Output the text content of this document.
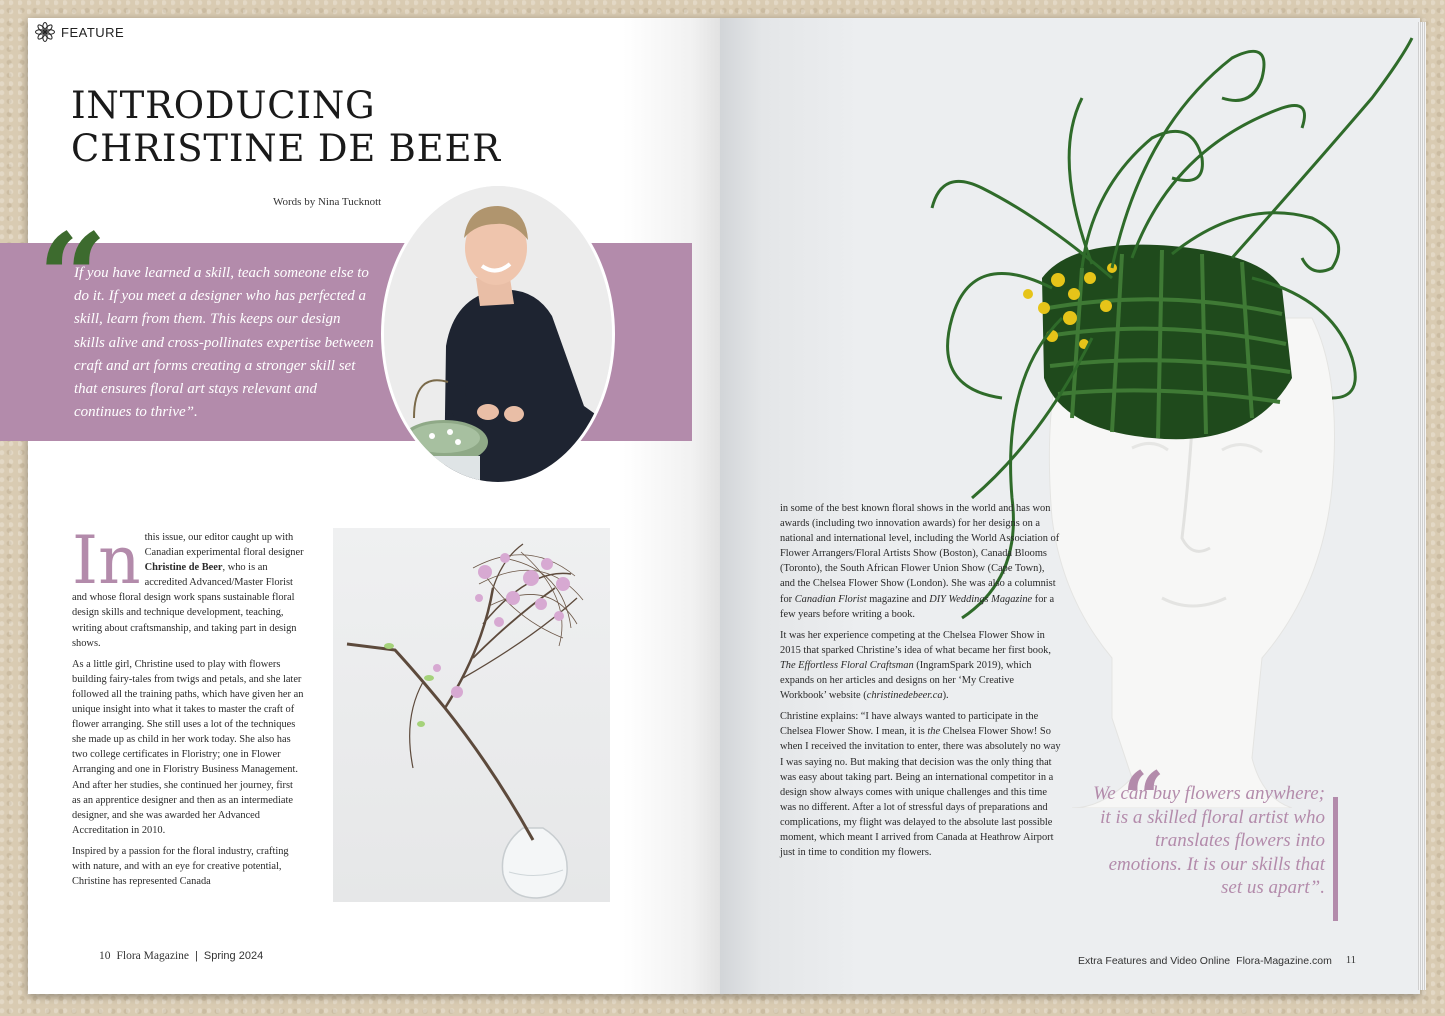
FEATURE
INTRODUCING
CHRISTINE DE BEER
Words by Nina Tucknott
“
If you have learned a skill, teach someone else to do it. If you meet a designer who has perfected a skill, learn from them. This keeps our design skills alive and cross-pollinates expertise between craft and art forms creating a stronger skill set that ensures floral art stays relevant and continues to thrive”.

In this issue, our editor caught up with Canadian experimental floral designer Christine de Beer, who is an accredited Advanced/Master Florist and whose floral design work spans sustainable floral design skills and technique development, teaching, writing about craftsmanship, and taking part in design shows.

As a little girl, Christine used to play with flowers building fairy-tales from twigs and petals, and she later followed all the training paths, which have given her an unique insight into what it takes to master the craft of flower arranging. She still uses a lot of the techniques she made up as child in her work today. She also has two college certificates in Floristry; one in Flower Arranging and one in Floristry Business Management. And after her studies, she continued her journey, first as an apprentice designer and then as an intermediate designer, and she was awarded her Advanced Accreditation in 2010.

Inspired by a passion for the floral industry, crafting with nature, and with an eye for creative potential, Christine has represented Canada

10 Flora Magazine | Spring 2024

in some of the best known floral shows in the world and has won awards (including two innovation awards) for her designs on a national and international level, including the World Association of Flower Arrangers/Floral Artists Show (Boston), Canada Blooms (Toronto), the South African Flower Union Show (Cape Town), and the Chelsea Flower Show (London). She was also a columnist for Canadian Florist magazine and DIY Weddings Magazine for a few years before writing a book.

It was her experience competing at the Chelsea Flower Show in 2015 that sparked Christine’s idea of what became her first book, The Effortless Floral Craftsman (IngramSpark 2019), which expands on her articles and designs on her ‘My Creative Workbook’ website (christinedebeer.ca).

Christine explains: “I have always wanted to participate in the Chelsea Flower Show. I mean, it is the Chelsea Flower Show! So when I received the invitation to enter, there was absolutely no way I was saying no. But making that decision was the only thing that was easy about taking part. Being an international competitor in a design show always comes with unique challenges and this time was no different. After a lot of stressful days of preparations and complications, my flight was delayed to the absolute last possible moment, which meant I arrived from Canada at Heathrow Airport just in time to condition my flowers.

“
We can buy flowers anywhere; it is a skilled floral artist who translates flowers into emotions. It is our skills that set us apart”.
Extra Features and Video Online Flora-Magazine.com 11
